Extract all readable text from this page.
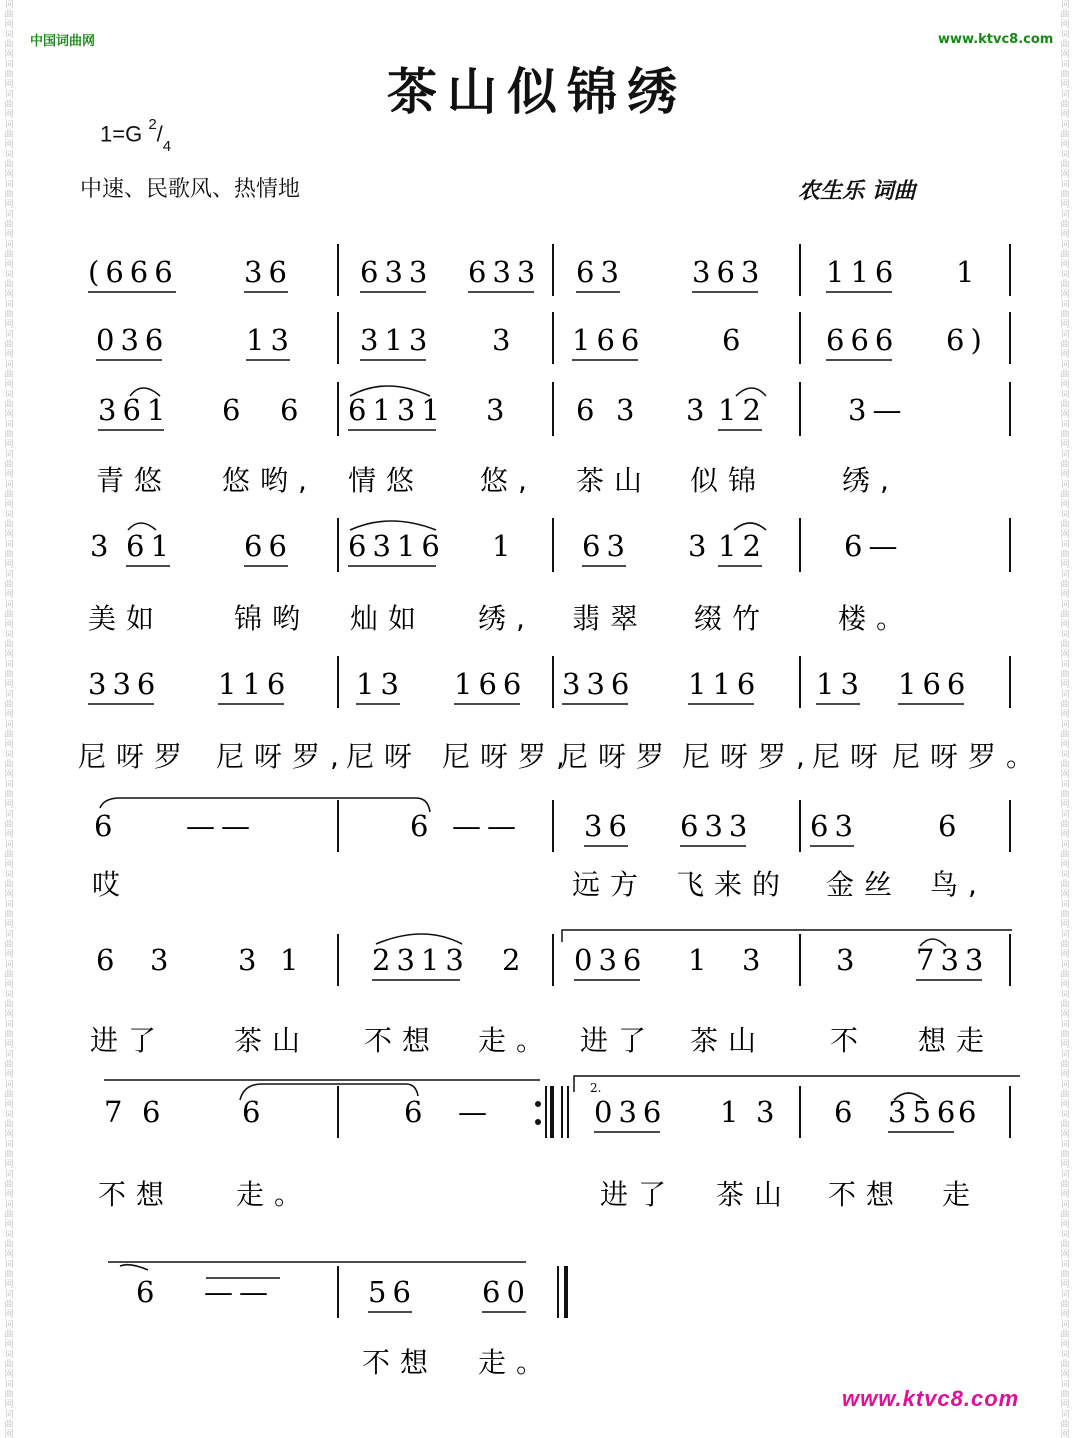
中国词曲网	www.ktvc8.com
词曲网 词曲网 词曲网 词曲网 词曲网 词曲网 词曲网 词曲网 词曲网 词曲网 词曲网 词曲网 词曲网 词曲网 词曲网 词曲网 词曲网 词曲网 词曲网 词曲网 词曲网 词曲网 词曲网 词曲网 词曲网 词曲网 词曲网 词曲网 词曲网 词曲网 词曲网 词曲网 词曲网 词曲网 词曲网 词曲网 词曲网 词曲网 词曲网 词曲网 词曲网 词曲网 词曲网 词曲网 词曲网 词曲网 词曲网 词曲网
词曲网 词曲网 词曲网 词曲网 词曲网 词曲网 词曲网 词曲网 词曲网 词曲网 词曲网 词曲网 词曲网 词曲网 词曲网 词曲网 词曲网 词曲网 词曲网 词曲网 词曲网 词曲网 词曲网 词曲网 词曲网 词曲网 词曲网 词曲网 词曲网 词曲网 词曲网 词曲网 词曲网 词曲网 词曲网 词曲网 词曲网 词曲网 词曲网 词曲网 词曲网 词曲网 词曲网 词曲网 词曲网 词曲网 词曲网 词曲网
茶山似锦绣
1=G $^2/_4$
中速、民歌风、热情地	农生乐 词曲
2.
(666 36 633 633 63 363 116 1
036	13 313 3 166	6	666 6)
361 6 6 6131 3 6 3 3 12	3—
青悠 悠哟, 情悠 悠, 茶山 似锦	绣,
3 61 66 6316 1 63 3 12	6—
美如 锦哟 灿如 绣, 翡翠 缀竹 楼。
336 116 13 166 336 116 13 166
尼呀罗 尼呀罗,
尼呀 尼呀罗,
尼呀罗 尼呀罗,
尼呀 尼呀罗。
6 ——	6 —— 36 633 63	6
哎	远方 飞来的 金丝 鸟,
6 3 3 1 2313 2 036 1 3 3 733
进了 茶山 不想 走。 进了 茶山 不 想走
7 6	6	6 —	036 1 3 6 356
6
不想 走。	进了 茶山 不想 走
6 ——	56 60
不想 走。
www.ktvc8.com
